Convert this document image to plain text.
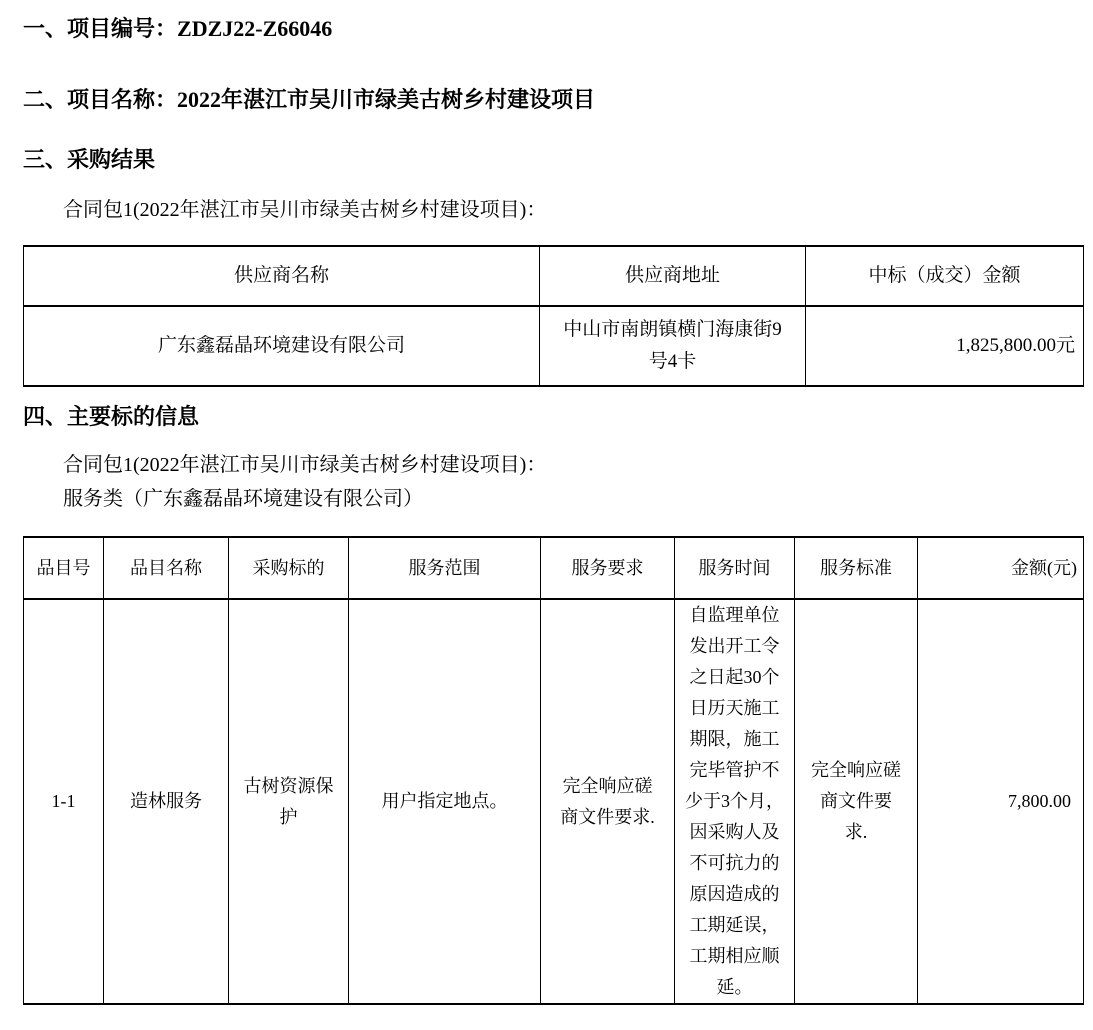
一、项目编号：ZDZJ22-Z66046
二、项目名称：2022年湛江市吴川市绿美古树乡村建设项目
三、采购结果
合同包1(2022年湛江市吴川市绿美古树乡村建设项目)：
供应商名称	供应商地址	中标（成交）金额
广东鑫磊晶环境建设有限公司	中山市南朗镇横门海康街9号4卡	1,825,800.00元
四、主要标的信息
合同包1(2022年湛江市吴川市绿美古树乡村建设项目)：
服务类（广东鑫磊晶环境建设有限公司）
品目号	品目名称	采购标的	服务范围	服务要求	服务时间	服务标准	金额(元)
1-1	造林服务	古树资源保护	用户指定地点。	完全响应磋商文件要求.	自监理单位发出开工令之日起30个日历天施工期限，施工完毕管护不少于3个月，因采购人及不可抗力的原因造成的工期延误，工期相应顺延。	完全响应磋商文件要求.	7,800.00
